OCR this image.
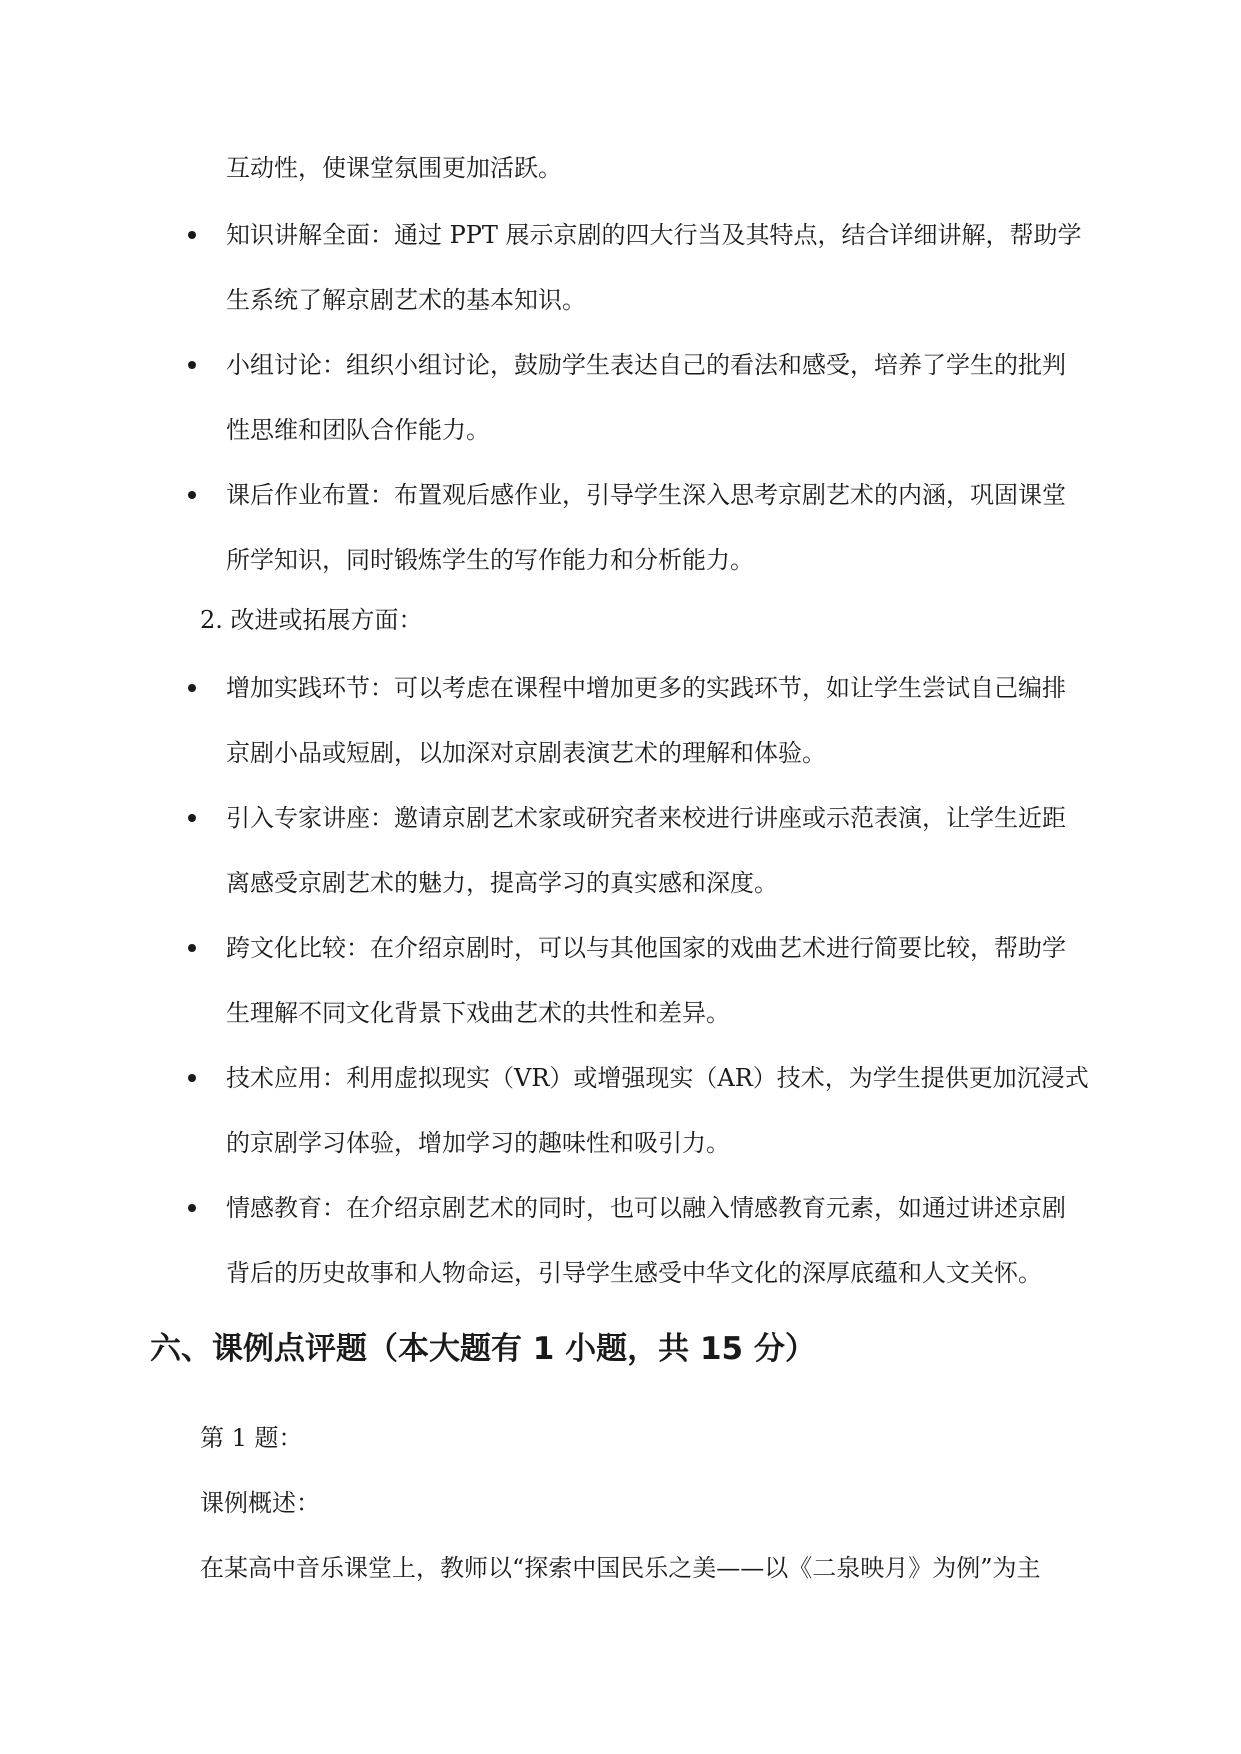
互动性，使课堂氛围更加活跃。
知识讲解全面：通过 PPT 展示京剧的四大行当及其特点，结合详细讲解，帮助学
生系统了解京剧艺术的基本知识。
小组讨论：组织小组讨论，鼓励学生表达自己的看法和感受，培养了学生的批判
性思维和团队合作能力。
课后作业布置：布置观后感作业，引导学生深入思考京剧艺术的内涵，巩固课堂
所学知识，同时锻炼学生的写作能力和分析能力。
2. 改进或拓展方面：
增加实践环节：可以考虑在课程中增加更多的实践环节，如让学生尝试自己编排
京剧小品或短剧，以加深对京剧表演艺术的理解和体验。
引入专家讲座：邀请京剧艺术家或研究者来校进行讲座或示范表演，让学生近距
离感受京剧艺术的魅力，提高学习的真实感和深度。
跨文化比较：在介绍京剧时，可以与其他国家的戏曲艺术进行简要比较，帮助学
生理解不同文化背景下戏曲艺术的共性和差异。
技术应用：利用虚拟现实（VR）或增强现实（AR）技术，为学生提供更加沉浸式
的京剧学习体验，增加学习的趣味性和吸引力。
情感教育：在介绍京剧艺术的同时，也可以融入情感教育元素，如通过讲述京剧
背后的历史故事和人物命运，引导学生感受中华文化的深厚底蕴和人文关怀。
六、课例点评题（本大题有 1 小题，共 15 分）
第 1 题：
课例概述：
在某高中音乐课堂上，教师以“探索中国民乐之美——以《二泉映月》为例”为主
